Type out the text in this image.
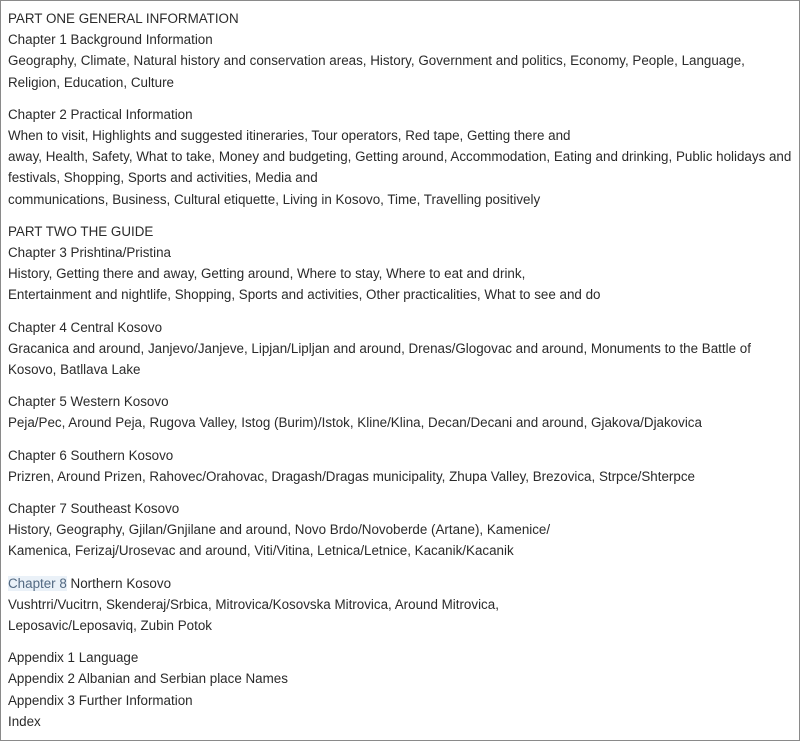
PART ONE GENERAL INFORMATION
Chapter 1 Background Information
Geography, Climate, Natural history and conservation areas, History, Government and politics, Economy, People, Language, Religion, Education, Culture
Chapter 2 Practical Information
When to visit, Highlights and suggested itineraries, Tour operators, Red tape, Getting there and
away, Health, Safety, What to take, Money and budgeting, Getting around, Accommodation, Eating and drinking, Public holidays and festivals, Shopping, Sports and activities, Media and
communications, Business, Cultural etiquette, Living in Kosovo, Time, Travelling positively
PART TWO THE GUIDE
Chapter 3 Prishtina/Pristina
History, Getting there and away, Getting around, Where to stay, Where to eat and drink,
Entertainment and nightlife, Shopping, Sports and activities, Other practicalities, What to see and do
Chapter 4 Central Kosovo
Gracanica and around, Janjevo/Janjeve, Lipjan/Lipljan and around, Drenas/Glogovac and around, Monuments to the Battle of Kosovo, Batllava Lake
Chapter 5 Western Kosovo
Peja/Pec, Around Peja, Rugova Valley, Istog (Burim)/Istok, Kline/Klina, Decan/Decani and around, Gjakova/Djakovica
Chapter 6 Southern Kosovo
Prizren, Around Prizen, Rahovec/Orahovac, Dragash/Dragas municipality, Zhupa Valley, Brezovica, Strpce/Shterpce
Chapter 7 Southeast Kosovo
History, Geography, Gjilan/Gnjilane and around, Novo Brdo/Novoberde (Artane), Kamenice/
Kamenica, Ferizaj/Urosevac and around, Viti/Vitina, Letnica/Letnice, Kacanik/Kacanik
Chapter 8 Northern Kosovo
Vushtrri/Vucitrn, Skenderaj/Srbica, Mitrovica/Kosovska Mitrovica, Around Mitrovica,
Leposavic/Leposaviq, Zubin Potok
Appendix 1 Language
Appendix 2 Albanian and Serbian place Names
Appendix 3 Further Information
Index
